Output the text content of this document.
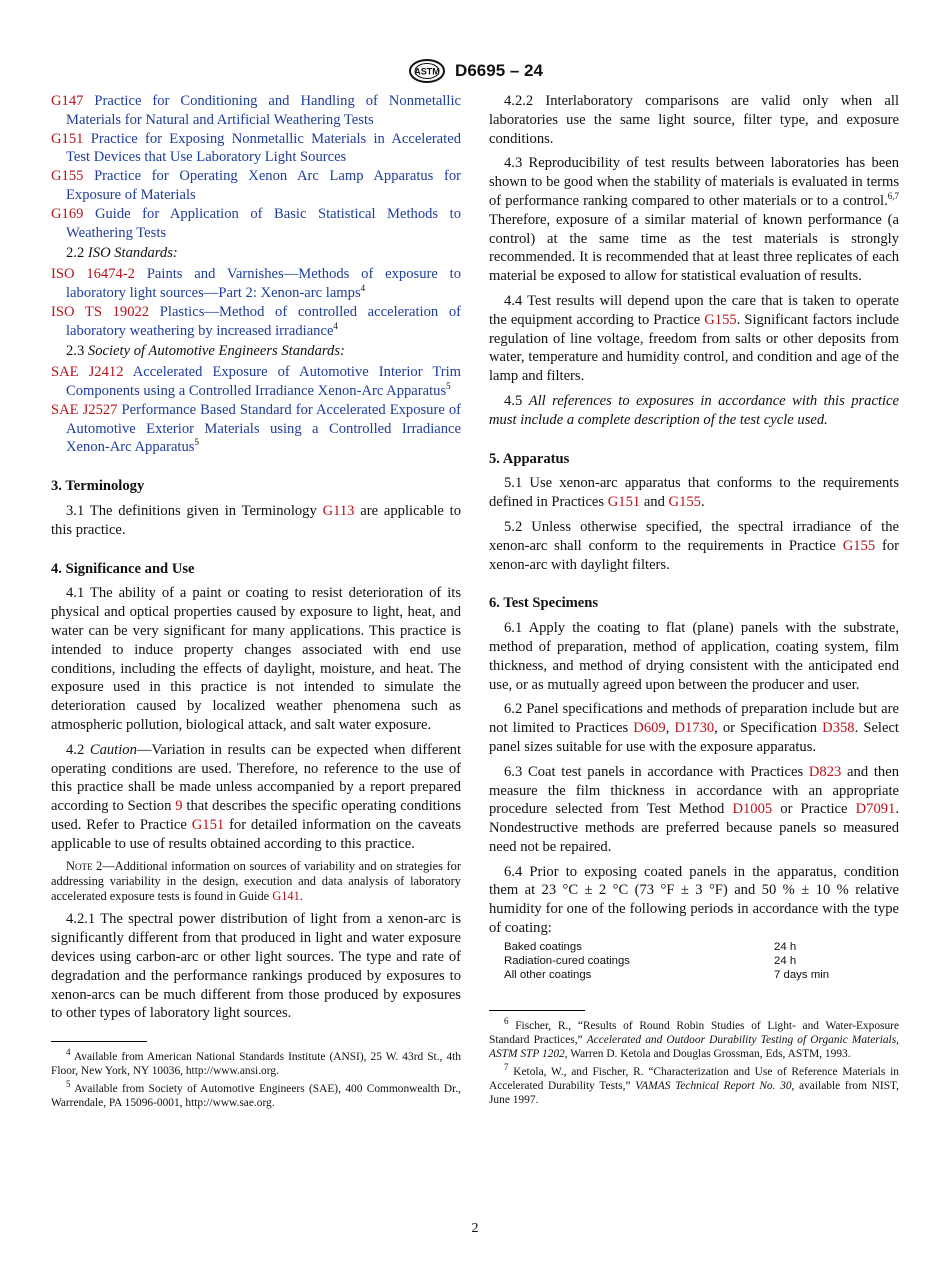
ASTM D6695 – 24

G147 Practice for Conditioning and Handling of Nonmetallic Materials for Natural and Artificial Weathering Tests

G151 Practice for Exposing Nonmetallic Materials in Accelerated Test Devices that Use Laboratory Light Sources

G155 Practice for Operating Xenon Arc Lamp Apparatus for Exposure of Materials

G169 Guide for Application of Basic Statistical Methods to Weathering Tests

2.2 ISO Standards:

ISO 16474-2 Paints and Varnishes—Methods of exposure to laboratory light sources—Part 2: Xenon-arc lamps$^4$

ISO TS 19022 Plastics—Method of controlled acceleration of laboratory weathering by increased irradiance$^4$

2.3 Society of Automotive Engineers Standards:

SAE J2412 Accelerated Exposure of Automotive Interior Trim Components using a Controlled Irradiance Xenon-Arc Apparatus$^5$

SAE J2527 Performance Based Standard for Accelerated Exposure of Automotive Exterior Materials using a Controlled Irradiance Xenon-Arc Apparatus$^5$

3. Terminology

3.1 The definitions given in Terminology G113 are applicable to this practice.

4. Significance and Use

4.1 The ability of a paint or coating to resist deterioration of its physical and optical properties caused by exposure to light, heat, and water can be very significant for many applications. This practice is intended to induce property changes associated with end use conditions, including the effects of daylight, moisture, and heat. The exposure used in this practice is not intended to simulate the deterioration caused by localized weather phenomena such as atmospheric pollution, biological attack, and salt water exposure.

4.2 Caution—Variation in results can be expected when different operating conditions are used. Therefore, no reference to the use of this practice shall be made unless accompanied by a report prepared according to Section 9 that describes the specific operating conditions used. Refer to Practice G151 for detailed information on the caveats applicable to use of results obtained according to this practice.

Note 2—Additional information on sources of variability and on strategies for addressing variability in the design, execution and data analysis of laboratory accelerated exposure tests is found in Guide G141.

4.2.1 The spectral power distribution of light from a xenon-arc is significantly different from that produced in light and water exposure devices using carbon-arc or other light sources. The type and rate of degradation and the performance rankings produced by exposures to xenon-arcs can be much different from those produced by exposures to other types of laboratory light sources.

$^4$ Available from American National Standards Institute (ANSI), 25 W. 43rd St., 4th Floor, New York, NY 10036, http://www.ansi.org.

$^5$ Available from Society of Automotive Engineers (SAE), 400 Commonwealth Dr., Warrendale, PA 15096-0001, http://www.sae.org.

4.2.2 Interlaboratory comparisons are valid only when all laboratories use the same light source, filter type, and exposure conditions.

4.3 Reproducibility of test results between laboratories has been shown to be good when the stability of materials is evaluated in terms of performance ranking compared to other materials or to a control.$^{6,7}$ Therefore, exposure of a similar material of known performance (a control) at the same time as the test materials is strongly recommended. It is recommended that at least three replicates of each material be exposed to allow for statistical evaluation of results.

4.4 Test results will depend upon the care that is taken to operate the equipment according to Practice G155. Significant factors include regulation of line voltage, freedom from salts or other deposits from water, temperature and humidity control, and condition and age of the lamp and filters.

4.5 All references to exposures in accordance with this practice must include a complete description of the test cycle used.

5. Apparatus

5.1 Use xenon-arc apparatus that conforms to the requirements defined in Practices G151 and G155.

5.2 Unless otherwise specified, the spectral irradiance of the xenon-arc shall conform to the requirements in Practice G155 for xenon-arc with daylight filters.

6. Test Specimens

6.1 Apply the coating to flat (plane) panels with the substrate, method of preparation, method of application, coating system, film thickness, and method of drying consistent with the anticipated end use, or as mutually agreed upon between the producer and user.

6.2 Panel specifications and methods of preparation include but are not limited to Practices D609, D1730, or Specification D358. Select panel sizes suitable for use with the exposure apparatus.

6.3 Coat test panels in accordance with Practices D823 and then measure the film thickness in accordance with an appropriate procedure selected from Test Method D1005 or Practice D7091. Nondestructive methods are preferred because panels so measured need not be repaired.

6.4 Prior to exposing coated panels in the apparatus, condition them at 23 °C ± 2 °C (73 °F ± 3 °F) and 50 % ± 10 % relative humidity for one of the following periods in accordance with the type of coating:

Baked coatings	24 h
Radiation-cured coatings	24 h
All other coatings	7 days min

$^6$ Fischer, R., “Results of Round Robin Studies of Light- and Water-Exposure Standard Practices,” Accelerated and Outdoor Durability Testing of Organic Materials, ASTM STP 1202, Warren D. Ketola and Douglas Grossman, Eds, ASTM, 1993.

$^7$ Ketola, W., and Fischer, R. “Characterization and Use of Reference Materials in Accelerated Durability Tests,” VAMAS Technical Report No. 30, available from NIST, June 1997.

2
